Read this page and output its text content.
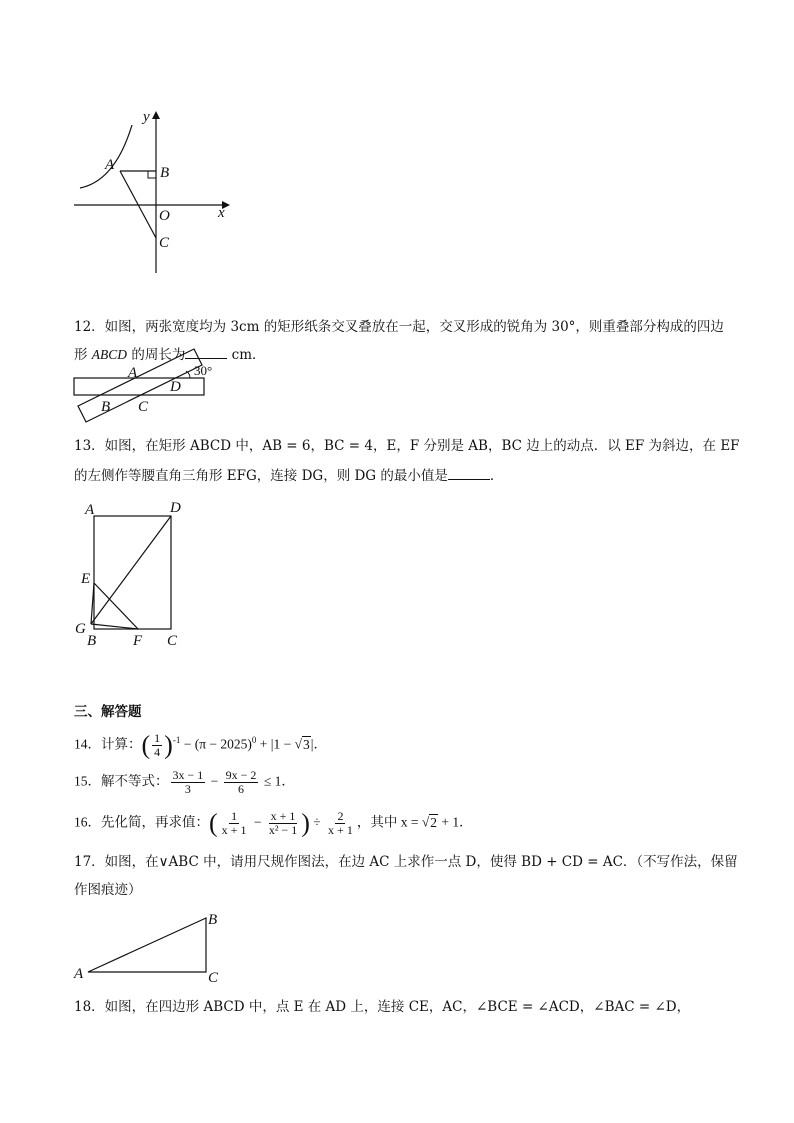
y
x
A	B
O
C
12．如图，两张宽度均为 3cm 的矩形纸条交叉叠放在一起，交叉形成的锐角为 30°，则重叠部分构成的四边
形 ABCD 的周长为	cm．
30°
A
D
B C
13．如图，在矩形 ABCD 中，AB = 6，BC = 4，E，F 分别是 AB，BC 边上的动点．以 EF 为斜边，在 EF
的左侧作等腰直角三角形 EFG，连接 DG，则 DG 的最小值是	．
A	D
E
G
B F C
三、解答题
14．计算：( $\frac{1}{4} )^{-1} - (\pi - 2025)^0 + |1 - √3|$．
15．解不等式： $\frac{3x - 1}{3} - \frac{9x - 2}{6} \le 1$．
16．先化简，再求值：( $\frac{1}{x + 1} - \frac{x + 1}{\text{x² − 1}}$ ) ÷ $\frac{2}{x + 1}$ ，其中 x = √2 + 1．
17．如图，在∨ABC 中，请用尺规作图法，在边 AC 上求作一点 D，使得 BD + CD = AC．（不写作法，保留
作图痕迹）
A
B
C
18．如图，在四边形 ABCD 中，点 E 在 AD 上，连接 CE，AC，∠BCE = ∠ACD，∠BAC = ∠D，
